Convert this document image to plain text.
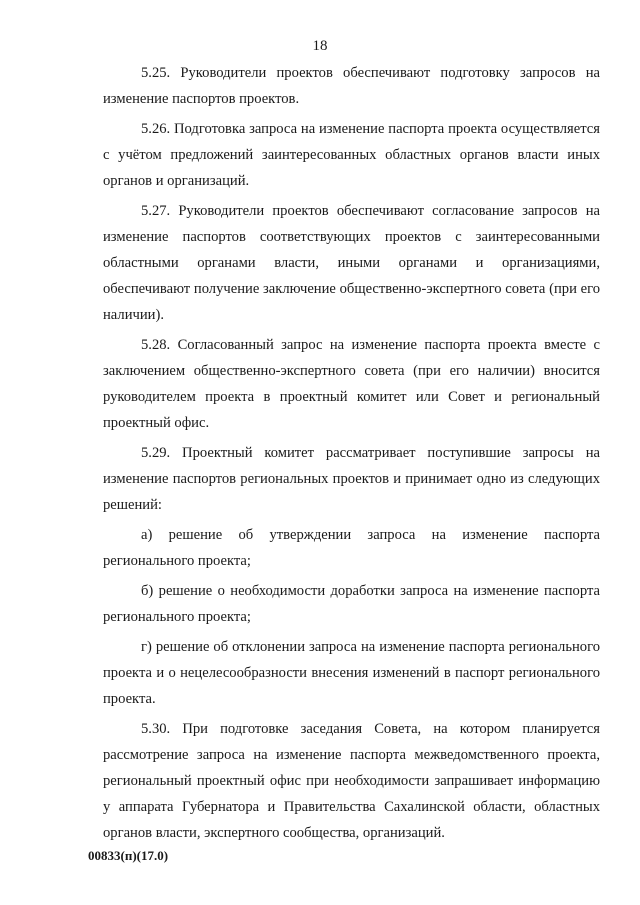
18

5.25. Руководители проектов обеспечивают подготовку запросов на изменение паспортов проектов.

5.26. Подготовка запроса на изменение паспорта проекта осуществляется с учётом предложений заинтересованных областных органов власти иных органов и организаций.

5.27. Руководители проектов обеспечивают согласование запросов на изменение паспортов соответствующих проектов с заинтересованными областными органами власти, иными органами и организациями, обеспечивают получение заключение общественно-экспертного совета (при его наличии).

5.28. Согласованный запрос на изменение паспорта проекта вместе с заключением общественно-экспертного совета (при его наличии) вносится руководителем проекта в проектный комитет или Совет и региональный проектный офис.

5.29. Проектный комитет рассматривает поступившие запросы на изменение паспортов региональных проектов и принимает одно из следующих решений:

а) решение об утверждении запроса на изменение паспорта регионального проекта;

б) решение о необходимости доработки запроса на изменение паспорта регионального проекта;

г) решение об отклонении запроса на изменение паспорта регионального проекта и о нецелесообразности внесения изменений в паспорт регионального проекта.

5.30. При подготовке заседания Совета, на котором планируется рассмотрение запроса на изменение паспорта межведомственного проекта, региональный проектный офис при необходимости запрашивает информацию у аппарата Губернатора и Правительства Сахалинской области, областных органов власти, экспертного сообщества, организаций.

00833(п)(17.0)
